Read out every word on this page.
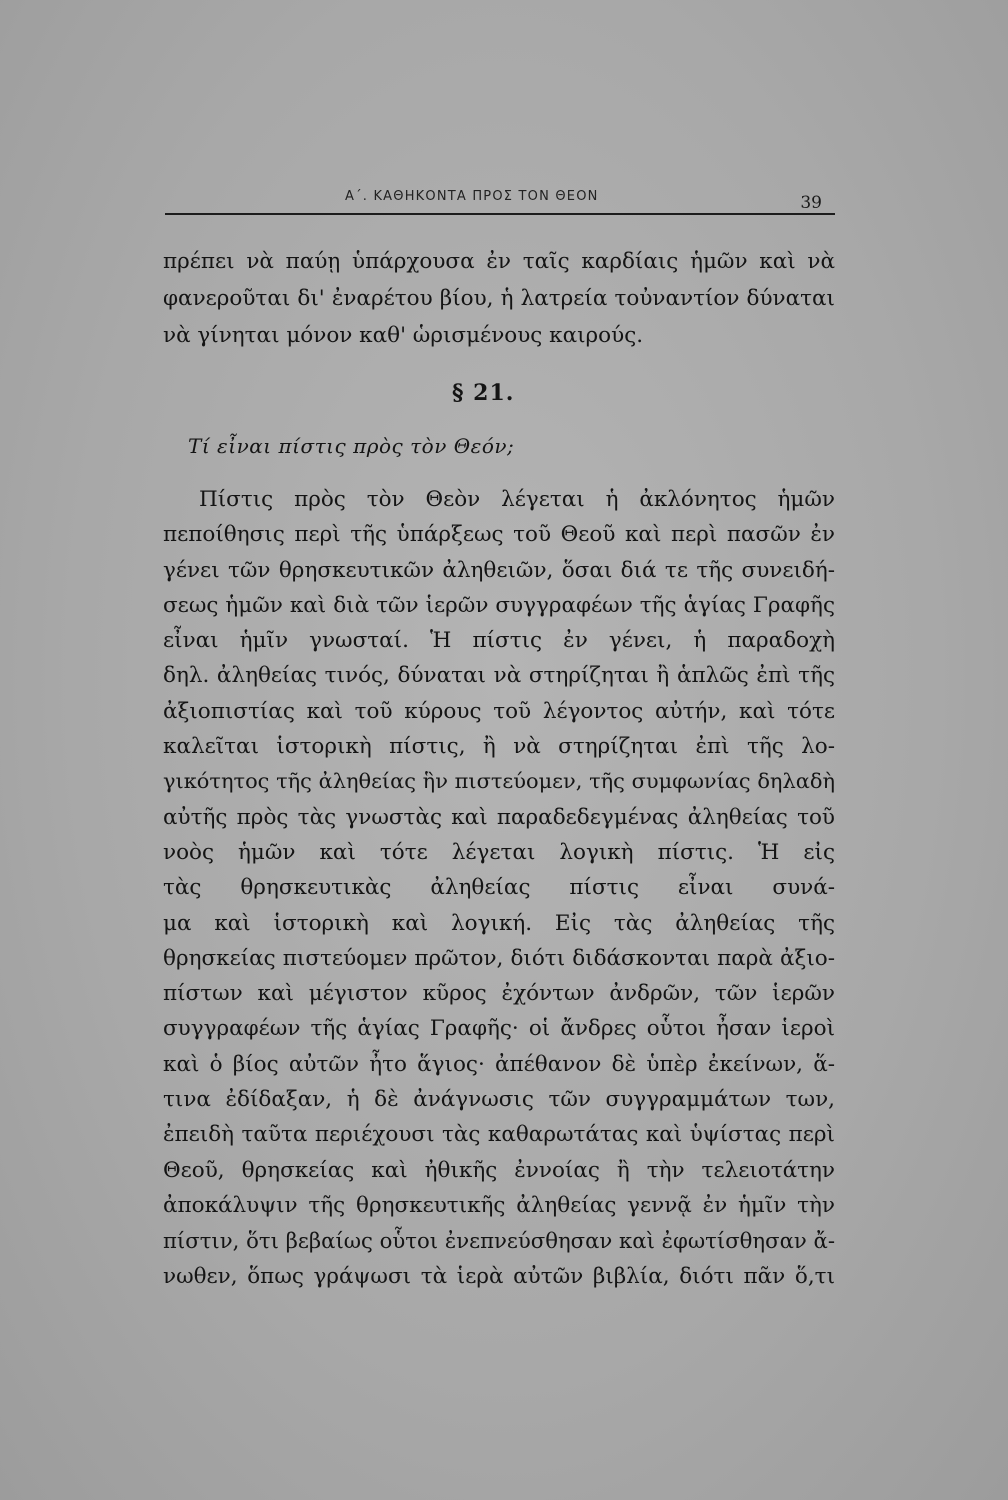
Α΄. ΚΑΘΗΚΟΝΤΑ ΠΡΟΣ ΤΟΝ ΘΕΟΝ	39
πρέπει νὰ παύῃ ὑπάρχουσα ἐν ταῖς καρδίαις ἡμῶν καὶ νὰ
φανεροῦται δι' ἐναρέτου βίου, ἡ λατρεία τοὐναντίον δύναται
νὰ γίνηται μόνον καθ' ὡρισμένους καιρούς.
§ 21.
Τί εἶναι πίστις πρὸς τὸν Θεόν;
Πίστις πρὸς τὸν Θεὸν λέγεται ἡ ἀκλόνητος ἡμῶν
πεποίθησις περὶ τῆς ὑπάρξεως τοῦ Θεοῦ καὶ περὶ πασῶν ἐν
γένει τῶν θρησκευτικῶν ἀληθειῶν, ὅσαι διά τε τῆς συνειδή-
σεως ἡμῶν καὶ διὰ τῶν ἱερῶν συγγραφέων τῆς ἁγίας Γραφῆς
εἶναι ἡμῖν γνωσταί. Ἡ πίστις ἐν γένει, ἡ παραδοχὴ
δηλ. ἀληθείας τινός, δύναται νὰ στηρίζηται ἢ ἁπλῶς ἐπὶ τῆς
ἀξιοπιστίας καὶ τοῦ κύρους τοῦ λέγοντος αὐτήν, καὶ τότε
καλεῖται ἱστορικὴ πίστις, ἢ νὰ στηρίζηται ἐπὶ τῆς λο-
γικότητος τῆς ἀληθείας ἣν πιστεύομεν, τῆς συμφωνίας δηλαδὴ
αὐτῆς πρὸς τὰς γνωστὰς καὶ παραδεδεγμένας ἀληθείας τοῦ
νοὸς ἡμῶν καὶ τότε λέγεται λογικὴ πίστις. Ἡ εἰς
τὰς θρησκευτικὰς ἀληθείας πίστις εἶναι συνά-
μα καὶ ἱστορικὴ καὶ λογική. Εἰς τὰς ἀληθείας τῆς
θρησκείας πιστεύομεν πρῶτον, διότι διδάσκονται παρὰ ἀξιο-
πίστων καὶ μέγιστον κῦρος ἐχόντων ἀνδρῶν, τῶν ἱερῶν
συγγραφέων τῆς ἁγίας Γραφῆς· οἱ ἄνδρες οὗτοι ἦσαν ἱεροὶ
καὶ ὁ βίος αὐτῶν ἦτο ἅγιος· ἀπέθανον δὲ ὑπὲρ ἐκείνων, ἅ-
τινα ἐδίδαξαν, ἡ δὲ ἀνάγνωσις τῶν συγγραμμάτων των,
ἐπειδὴ ταῦτα περιέχουσι τὰς καθαρωτάτας καὶ ὑψίστας περὶ
Θεοῦ, θρησκείας καὶ ἠθικῆς ἐννοίας ἢ τὴν τελειοτάτην
ἀποκάλυψιν τῆς θρησκευτικῆς ἀληθείας γεννᾷ ἐν ἡμῖν τὴν
πίστιν, ὅτι βεβαίως οὗτοι ἐνεπνεύσθησαν καὶ ἐφωτίσθησαν ἄ-
νωθεν, ὅπως γράψωσι τὰ ἱερὰ αὐτῶν βιβλία, διότι πᾶν ὅ,τι
